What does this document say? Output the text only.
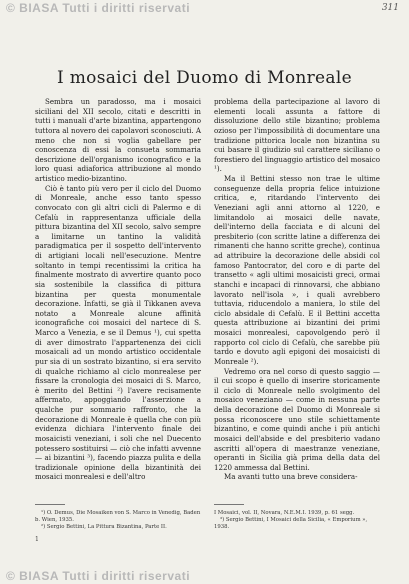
© BIASA Tutti i diritti riservati	311
I mosaici del Duomo di Monreale

Sembra un paradosso, ma i mosaici siciliani del XII secolo, citati e descritti in tutti i manuali d'arte bizantina, appartengono tuttora al novero dei capolavori sconosciuti. A meno che non si voglia gabellare per conoscenza di essi la consueta sommaria descrizione dell'organismo iconografico e la loro quasi adiaforica attribuzione al mondo artistico medio-bizantino.

Ciò è tanto più vero per il ciclo del Duomo di Monreale, anche esso tanto spesso convocato con gli altri cicli di Palermo e di Cefalù in rappresentanza ufficiale della pittura bizantina del XII secolo, salvo sempre a limitarne un tantino la validità paradigmatica per il sospetto dell'intervento di artigiani locali nell'esecuzione. Mentre soltanto in tempi recentissimi la critica ha finalmente mostrato di avvertire quanto poco sia sostenibile la classifica di pittura bizantina per questa monumentale decorazione. Infatti, se già il Tikkanen aveva notato a Monreale alcune affinità iconografiche coi mosaici del nartece di S. Marco a Venezia, e se il Demus ¹), cui spetta di aver dimostrato l'appartenenza dei cicli mosaicali ad un mondo artistico occidentale pur sia di un sostrato bizantino, si era servito di qualche richiamo al ciclo monrealese per fissare la cronologia dei mosaici di S. Marco, è merito del Bettini ²) l'avere recisamente affermato, appoggiando l'asserzione a qualche pur sommario raffronto, che la decorazione di Monreale è quella che con più evidenza dichiara l'intervento finale dei mosaicisti veneziani, i soli che nel Duecento potessero sostituirsi — ciò che infatti avvenne — ai bizantini ³), facendo piazza pulita e della tradizionale opinione della bizantinità dei mosaici monrealesi e dell'altro

problema della partecipazione al lavoro di elementi locali assunta a fattore di dissoluzione dello stile bizantino; problema ozioso per l'impossibilità di documentare una tradizione pittorica locale non bizantina su cui basare il giudizio sul carattere siciliano o forestiero del linguaggio artistico del mosaico ¹).

Ma il Bettini stesso non trae le ultime conseguenze della propria felice intuizione critica, e, ritardando l'intervento dei Veneziani agli anni attorno al 1220, e limitandolo ai mosaici delle navate, dell'interno della facciata e di alcuni del presbiterio (con scritte latine a differenza dei rimanenti che hanno scritte greche), continua ad attribuire la decorazione delle absidi col famoso Pantocrator, del coro e di parte del transetto « agli ultimi mosaicisti greci, ormai stanchi e incapaci di rinnovarsi, che abbiano lavorato nell'isola », i quali avrebbero tuttavia, riducendolo a maniera, lo stile del ciclo absidale di Cefalù. E il Bettini accetta questa attribuzione ai bizantini dei primi mosaici monrealesi, capovolgendo però il rapporto col ciclo di Cefalù, che sarebbe più tardo e dovuto agli epigoni dei mosaicisti di Monreale ²).

Vedremo ora nel corso di questo saggio — il cui scopo è quello di inserire storicamente il ciclo di Monreale nello svolgimento del mosaico veneziano — come in nessuna parte della decorazione del Duomo di Monreale si possa riconoscere uno stile schiettamente bizantino, e come quindi anche i più antichi mosaici dell'abside e del presbiterio vadano ascritti all'opera di maestranze veneziane, operanti in Sicilia già prima della data del 1220 ammessa dal Bettini.

Ma avanti tutto una breve considera-

¹) O. Demus, Die Mosaiken von S. Marco in Venedig, Baden b. Wien, 1935.

²) Sergio Bettini, La Pittura Bizantina, Parte II.

I Mosaici, vol. II, Novara, N.E.M.I. 1939, p. 61 segg.

³) Sergio Bettini, I Mosaici della Sicilia, « Emporium », 1938.

1
© BIASA Tutti i diritti riservati
